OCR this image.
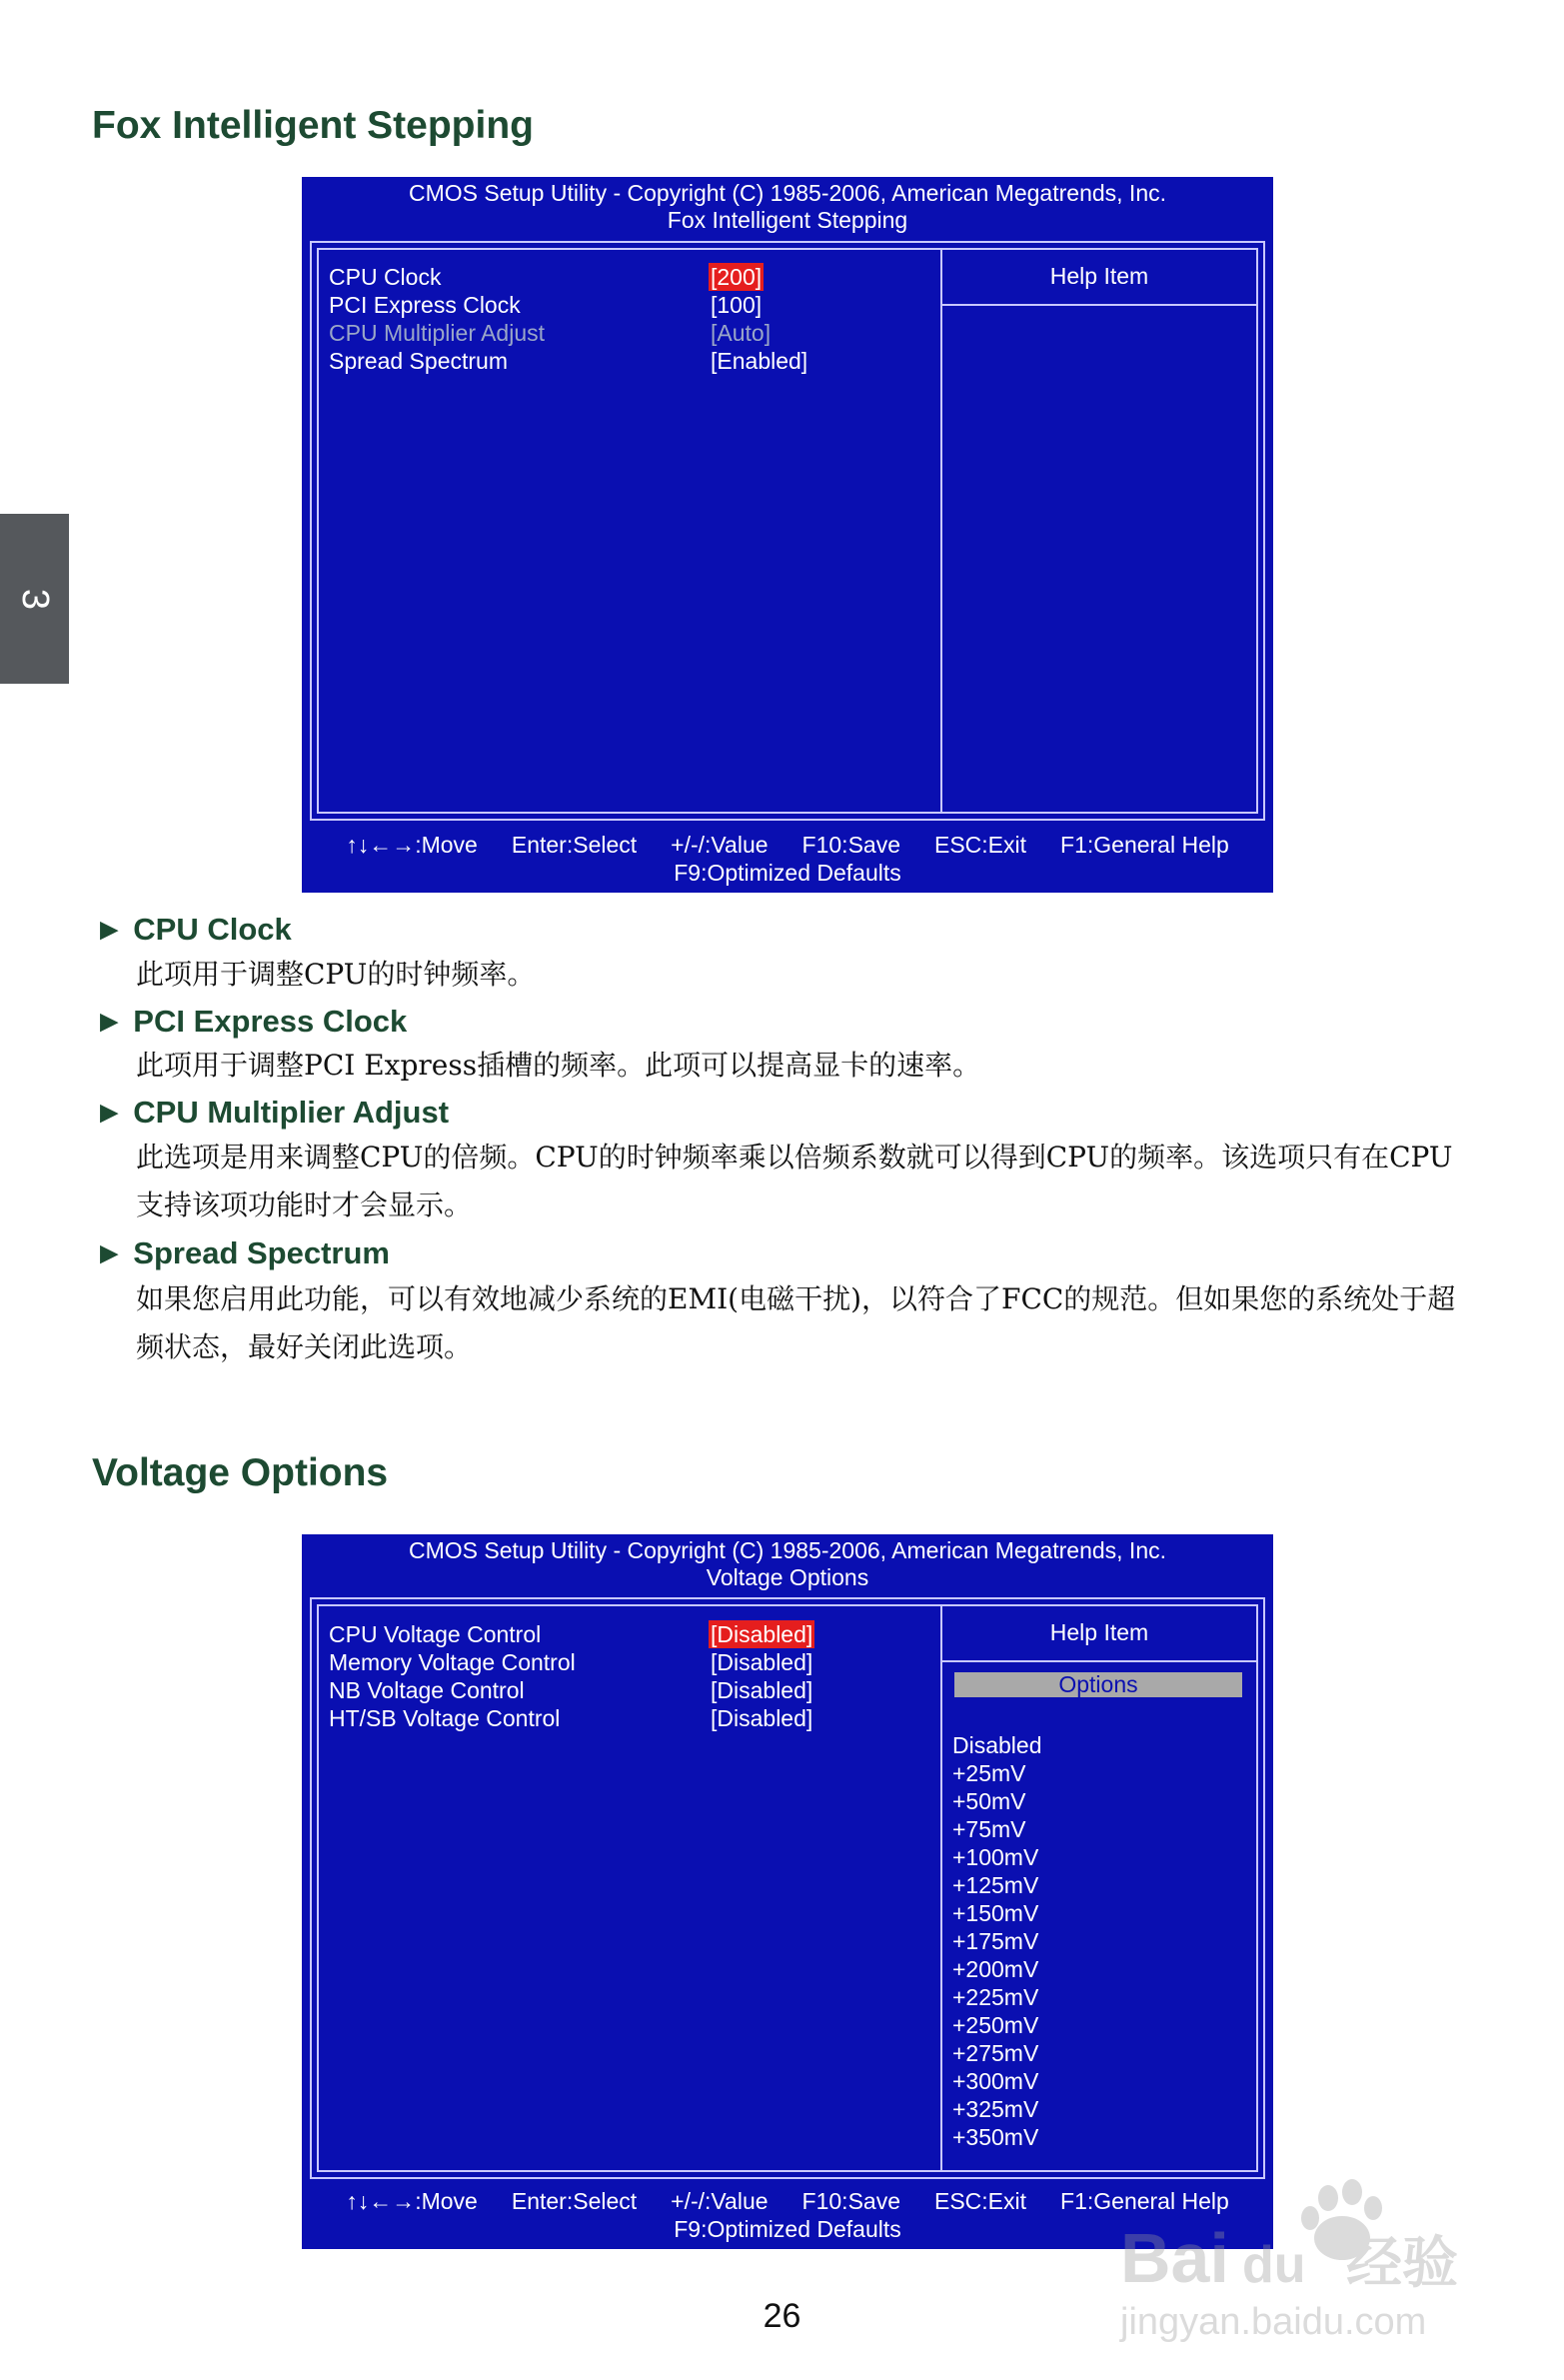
3
Fox Intelligent Stepping
CMOS Setup Utility - Copyright (C) 1985-2006, American Megatrends, Inc.
Fox Intelligent Stepping
CPU Clock	[200]
PCI Express Clock	[100]
CPU Multiplier Adjust	[Auto]
Spread Spectrum	[Enabled]
Help Item
↑↓←→:Move Enter:Select +/-/:Value F10:Save ESC:Exit F1:General Help
F9:Optimized Defaults
► CPU Clock

此项用于调整CPU的时钟频率。

► PCI Express Clock

此项用于调整PCI Express插槽的频率。此项可以提高显卡的速率。

► CPU Multiplier Adjust

此选项是用来调整CPU的倍频。CPU的时钟频率乘以倍频系数就可以得到CPU的频率。该选项只有在CPU支持该项功能时才会显示。

► Spread Spectrum

如果您启用此功能，可以有效地减少系统的EMI(电磁干扰)，以符合了FCC的规范。但如果您的系统处于超频状态，最好关闭此选项。

Voltage Options
CMOS Setup Utility - Copyright (C) 1985-2006, American Megatrends, Inc.
Voltage Options
CPU Voltage Control	[Disabled]
Memory Voltage Control	[Disabled]
NB Voltage Control	[Disabled]
HT/SB Voltage Control	[Disabled]
Help Item
Options
Disabled
+25mV
+50mV
+75mV
+100mV
+125mV
+150mV
+175mV
+200mV
+225mV
+250mV
+275mV
+300mV
+325mV
+350mV
↑↓←→:Move Enter:Select +/-/:Value F10:Save ESC:Exit F1:General Help
F9:Optimized Defaults
26
Bai du 经验
jingyan.baidu.com
